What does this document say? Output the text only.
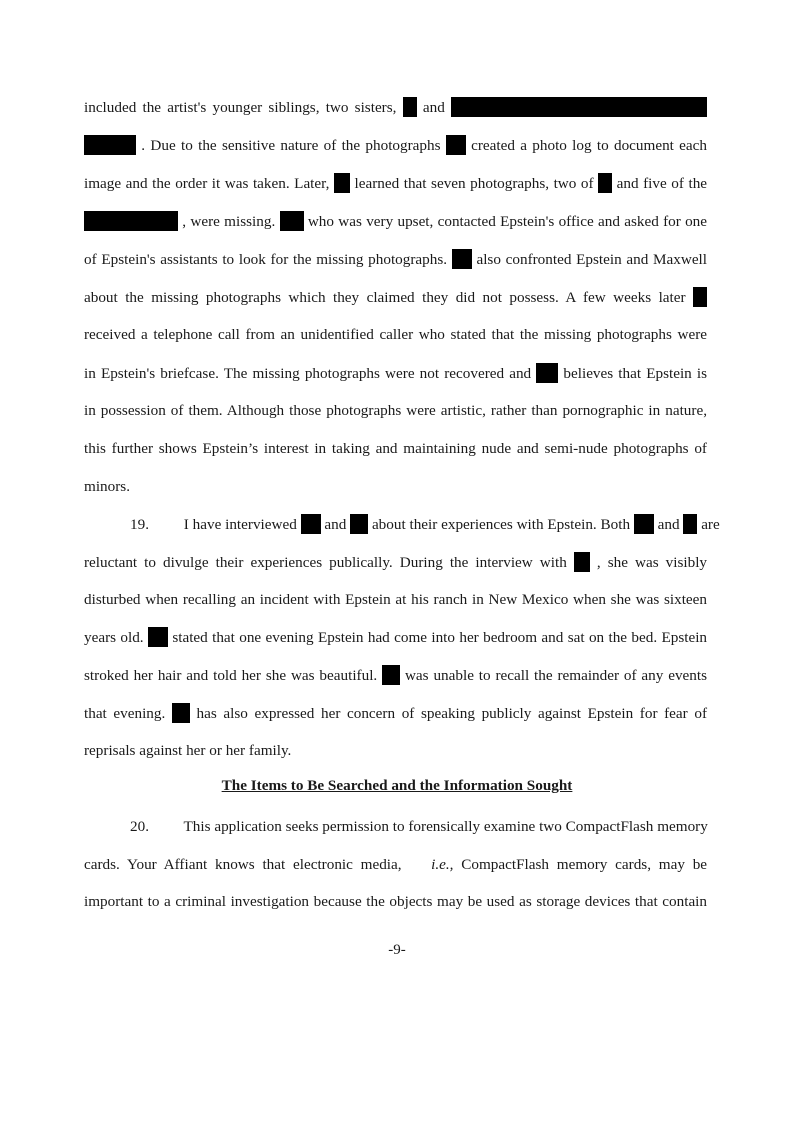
included the artist's younger siblings, two sisters,  and
. Due to the sensitive nature of the photographs  created a photo log to document each
image and the order it was taken. Later,  learned that seven photographs, two of  and five of the
, were missing.  who was very upset, contacted Epstein's office and asked for one
of Epstein's assistants to look for the missing photographs.  also confronted Epstein and Maxwell
about the missing photographs which they claimed they did not possess. A few weeks later
received a telephone call from an unidentified caller who stated that the missing photographs were
in Epstein's briefcase. The missing photographs were not recovered and believes that Epstein is
in possession of them. Although those photographs were artistic, rather than pornographic in nature,
this further shows Epstein’s interest in taking and maintaining nude and semi-nude photographs of
minors.
19. I have interviewed and about their experiences with Epstein. Both and  are
reluctant to divulge their experiences publically. During the interview with , she was visibly
disturbed when recalling an incident with Epstein at his ranch in New Mexico when she was sixteen
years old. stated that one evening Epstein had come into her bedroom and sat on the bed. Epstein
stroked her hair and told her she was beautiful.  was unable to recall the remainder of any events
that evening. has also expressed her concern of speaking publicly against Epstein for fear of
reprisals against her or her family.
The Items to Be Searched and the Information Sought
20. This application seeks permission to forensically examine two CompactFlash memory
cards. Your Affiant knows that electronic media, i.e., CompactFlash memory cards, may be
important to a criminal investigation because the objects may be used as storage devices that contain
-9-
